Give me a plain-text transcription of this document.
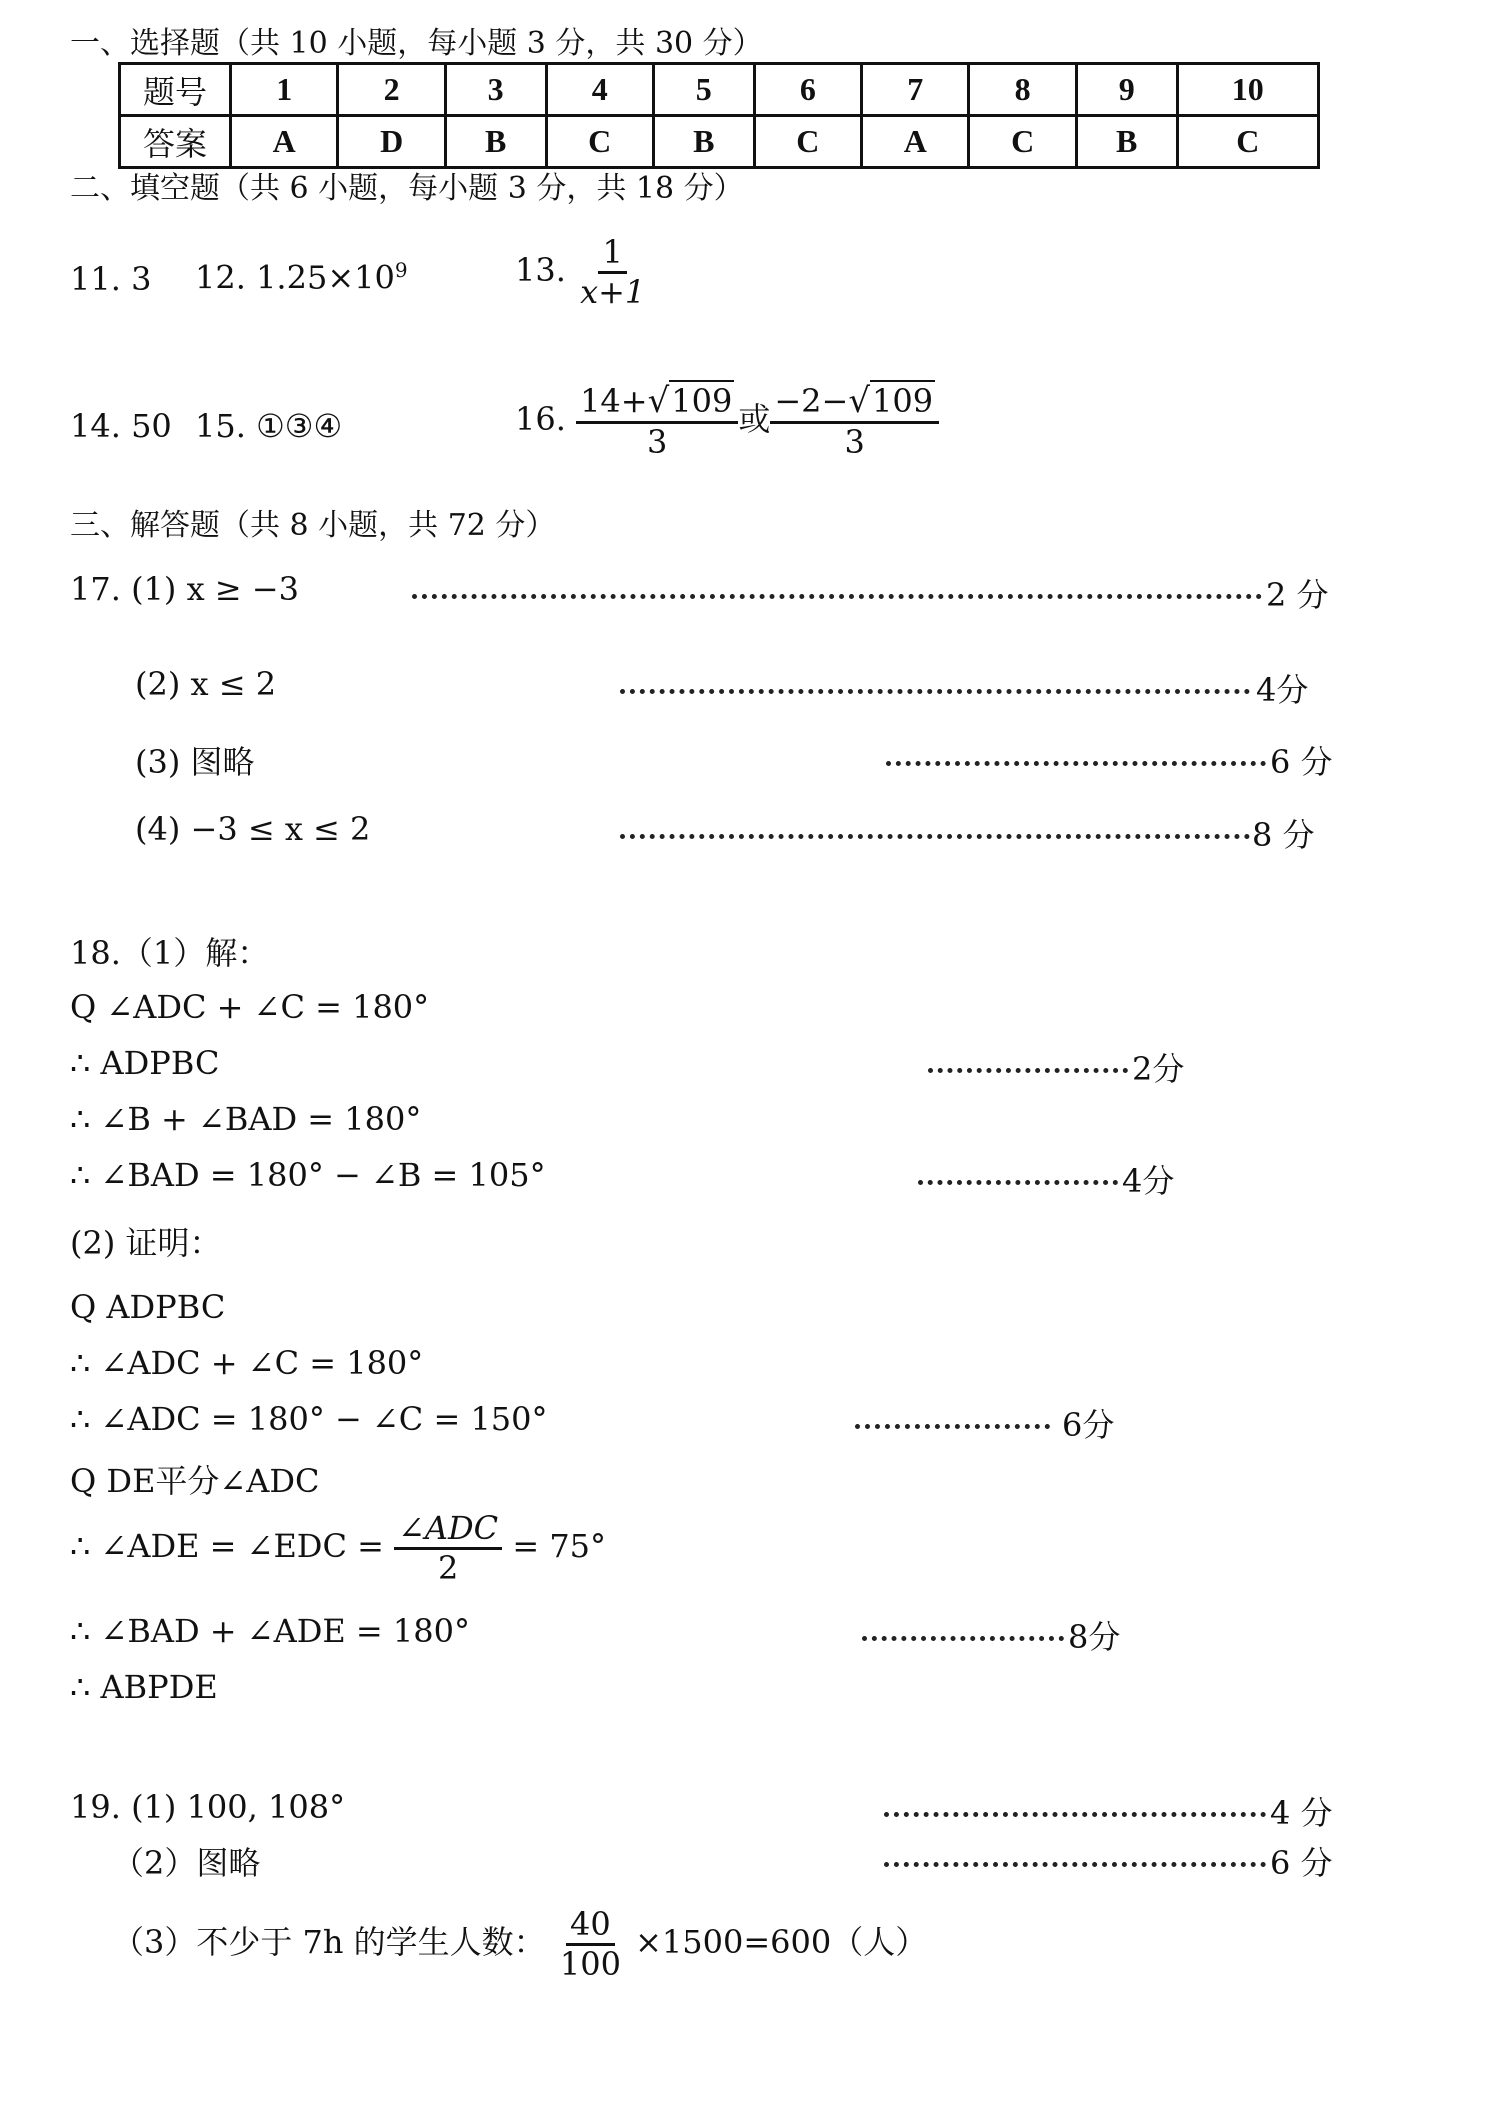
一、选择题（共 10 小题，每小题 3 分，共 30 分）
题号	1	2	3	4	5	6	7	8	9	10
答案	A	D	B	C	B	C	A	C	B	C
二、填空题（共 6 小题，每小题 3 分，共 18 分）
11. 3 12. $1.25\times 10^9$	13. $\frac{1}{x+1}$
14. 50 15. ①③④	16. $\frac{14+√109}{3}$ 或 $\frac{-2-√109}{3}$
三、解答题（共 8 小题，共 72 分）
17. (1) x ≥ −3	2 分
(2) x ≤ 2	4分
(3) 图略	6 分
(4) −3 ≤ x ≤ 2	8 分
18.（1）解：
Q ∠ADC + ∠C = 180°
∴ ADPBC	2分
∴ ∠B + ∠BAD = 180°
∴ ∠BAD = 180° − ∠B = 105°	4分
(2) 证明：
Q ADPBC
∴ ∠ADC + ∠C = 180°
∴ ∠ADC = 180° − ∠C = 150°	6分
Q DE平分∠ADC
∴ ∠ADE = ∠EDC = $\frac{\text{∠ADC}}{2} = 75^\circ$
∴ ∠BAD + ∠ADE = 180°	8分
∴ ABPDE
19. (1) 100, 108°	4 分
（2）图略	6 分
（3）不少于 7h 的学生人数： $\frac{40}{100} \times 1500=600$（人）
